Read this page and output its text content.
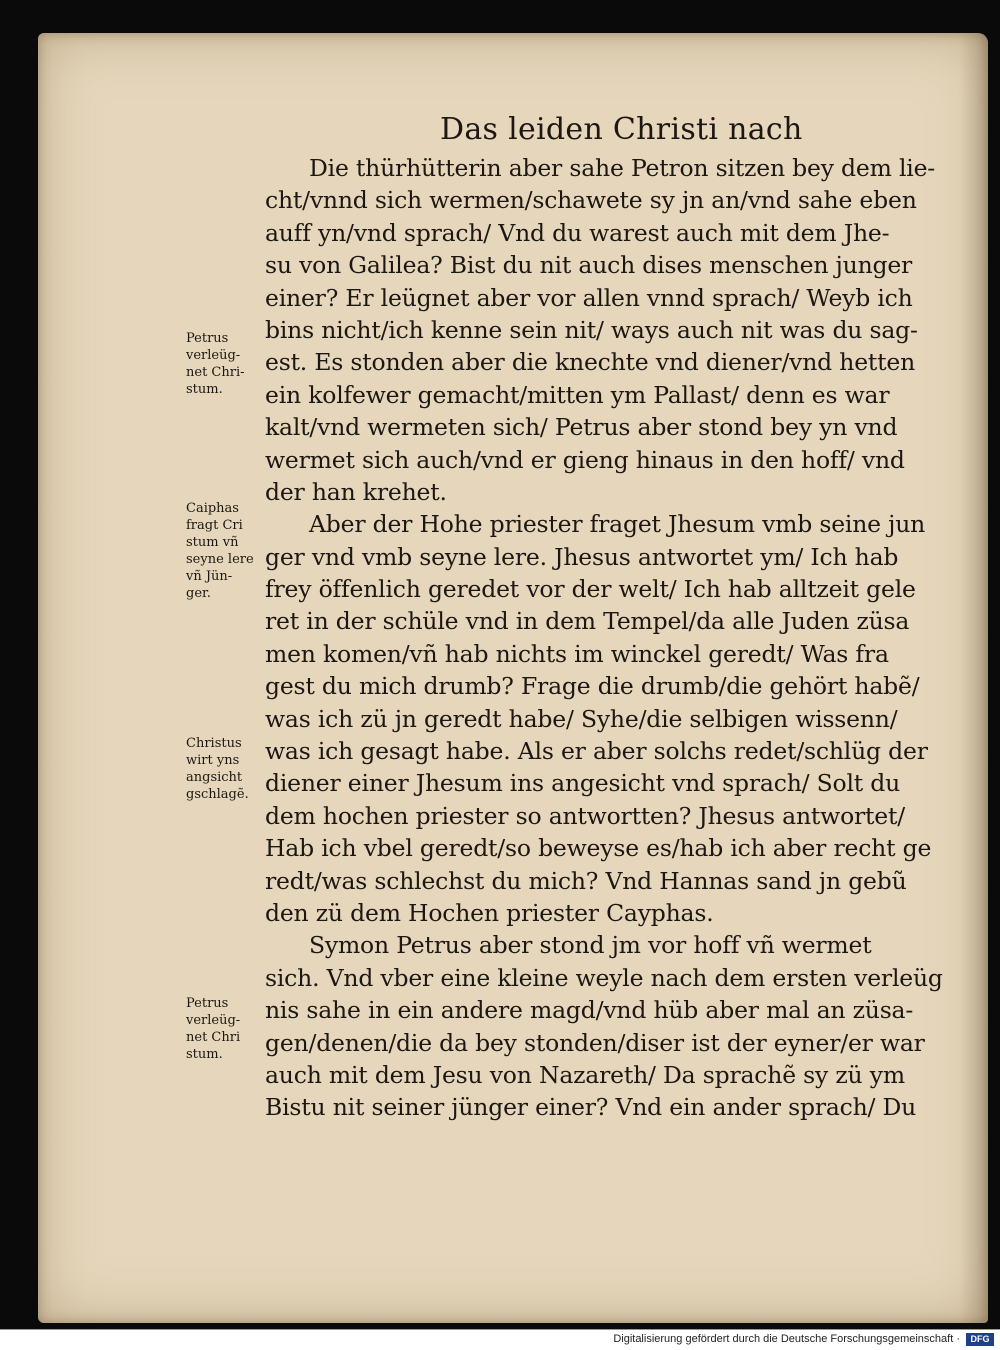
Das leiden Christi nach
Die thürhütterin aber sahe Petron sitzen bey dem lie-
cht/vnnd sich wermen/schawete sy jn an/vnd sahe eben
auff yn/vnd sprach/ Vnd du warest auch mit dem Jhe-
su von Galilea? Bist du nit auch dises menschen junger
einer? Er leügnet aber vor allen vnnd sprach/ Weyb ich
bins nicht/ich kenne sein nit/ ways auch nit was du sag-
est. Es stonden aber die knechte vnd diener/vnd hetten
ein kolfewer gemacht/mitten ym Pallast/ denn es war
kalt/vnd wermeten sich/ Petrus aber stond bey yn vnd
wermet sich auch/vnd er gieng hinaus in den hoff/ vnd
der han krehet.
Aber der Hohe priester fraget Jhesum vmb seine jun
ger vnd vmb seyne lere. Jhesus antwortet ym/ Ich hab
frey öffenlich geredet vor der welt/ Ich hab alltzeit gele
ret in der schüle vnd in dem Tempel/da alle Juden züsa
men komen/vñ hab nichts im winckel geredt/ Was fra
gest du mich drumb? Frage die drumb/die gehört habẽ/
was ich zü jn geredt habe/ Syhe/die selbigen wissenn/
was ich gesagt habe. Als er aber solchs redet/schlüg der
diener einer Jhesum ins angesicht vnd sprach/ Solt du
dem hochen priester so antwortten? Jhesus antwortet/
Hab ich vbel geredt/so beweyse es/hab ich aber recht ge
redt/was schlechst du mich? Vnd Hannas sand jn gebũ
den zü dem Hochen priester Cayphas.
Symon Petrus aber stond jm vor hoff vñ wermet
sich. Vnd vber eine kleine weyle nach dem ersten verleüg
nis sahe in ein andere magd/vnd hüb aber mal an züsa-
gen/denen/die da bey stonden/diser ist der eyner/er war
auch mit dem Jesu von Nazareth/ Da sprachẽ sy zü ym
Bistu nit seiner jünger einer? Vnd ein ander sprach/ Du
Petrus
verleüg-
net Chri-
stum.
Caiphas
fragt Cri
stum vñ
seyne lere
vñ Jün-
ger.
Christus
wirt yns
angsicht
gschlagẽ.
Petrus
verleüg-
net Chri
stum.
Digitalisierung gefördert durch die Deutsche Forschungsgemeinschaft ·	DFG
